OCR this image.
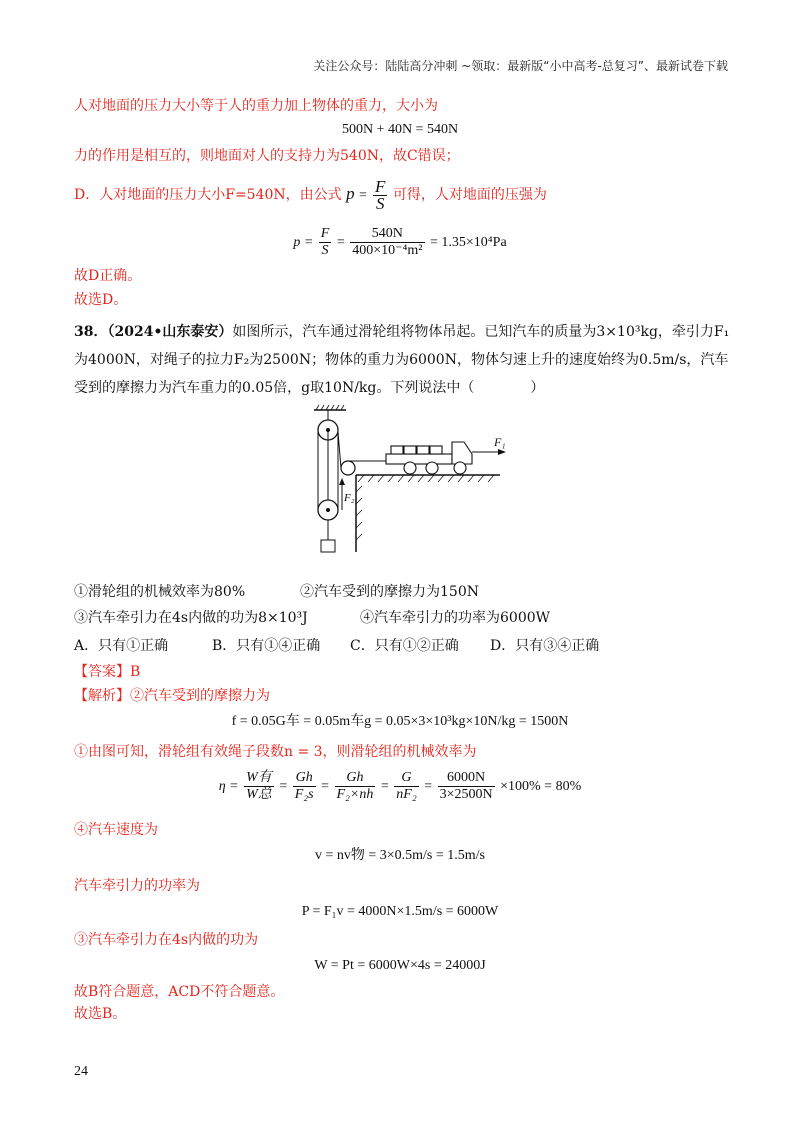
关注公众号：陆陆高分冲刺 ~领取：最新版“小中高考-总复习”、最新试卷下载
人对地面的压力大小等于人的重力加上物体的重力，大小为
500N + 40N = 540N
力的作用是相互的，则地面对人的支持力为540N，故C错误；
D．人对地面的压力大小F=540N，由公式 $p = \frac{F}{S}$ 可得，人对地面的压强为
$p = \frac{F}{S} = \frac{540N}{\text{400×10⁻⁴m²}} = 1.35\times 10^4Pa$
故D正确。
故选D。
38．（2024•山东泰安）如图所示，汽车通过滑轮组将物体吊起。已知汽车的质量为3×10³kg，牵引力F₁
为4000N，对绳子的拉力F₂为2500N；物体的重力为6000N，物体匀速上升的速度始终为0.5m/s，汽车
受到的摩擦力为汽车重力的0.05倍，g取10N/kg。下列说法中（　　　　）
F₂
F₁
①滑轮组的机械效率为80%	②汽车受到的摩擦力为150N
③汽车牵引力在4s内做的功为8×10³J	④汽车牵引力的功率为6000W
A．只有①正确	B．只有①④正确 C．只有①②正确 D．只有③④正确
【答案】B
【解析】②汽车受到的摩擦力为
f = 0.05G车 = 0.05m车g = 0.05×3×10³kg×10N/kg = 1500N
①由图可知，滑轮组有效绳子段数n = 3，则滑轮组的机械效率为
$\eta = \frac{\text{W有}}{\text{W总}} = \frac{Gh}{\text{F₂s}} = \frac{Gh}{\text{F₂×nh}} = \frac{G}{\text{nF₂}} = \frac{6000N}{3\times 2500N} \times 100\% = 80\%$
④汽车速度为
v = nv物 = 3×0.5m/s = 1.5m/s
汽车牵引力的功率为
P = F₁v = 4000N×1.5m/s = 6000W
③汽车牵引力在4s内做的功为
W = Pt = 6000W×4s = 24000J
故B符合题意，ACD不符合题意。
故选B。
24
